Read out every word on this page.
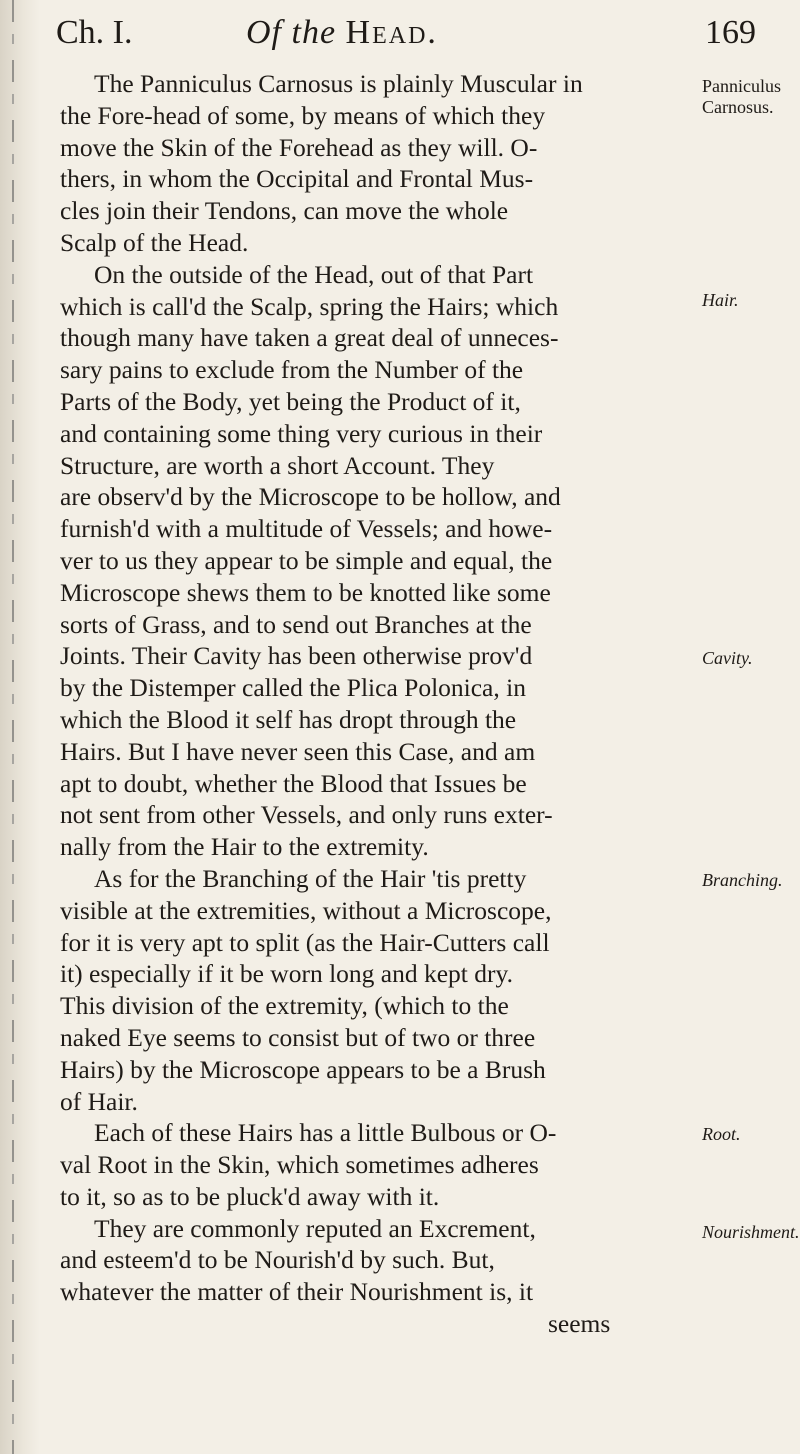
Ch. I.	Of the Head.	169
The Panniculus Carnosus is plainly Muscular in
the Fore-head of some, by means of which they
move the Skin of the Forehead as they will. O-
thers, in whom the Occipital and Frontal Mus-
cles join their Tendons, can move the whole
Scalp of the Head.
On the outside of the Head, out of that Part
which is call'd the Scalp, spring the Hairs; which
though many have taken a great deal of unneces-
sary pains to exclude from the Number of the
Parts of the Body, yet being the Product of it,
and containing some thing very curious in their
Structure, are worth a short Account. They
are observ'd by the Microscope to be hollow, and
furnish'd with a multitude of Vessels; and howe-
ver to us they appear to be simple and equal, the
Microscope shews them to be knotted like some
sorts of Grass, and to send out Branches at the
Joints. Their Cavity has been otherwise prov'd
by the Distemper called the Plica Polonica, in
which the Blood it self has dropt through the
Hairs. But I have never seen this Case, and am
apt to doubt, whether the Blood that Issues be
not sent from other Vessels, and only runs exter-
nally from the Hair to the extremity.
As for the Branching of the Hair 'tis pretty
visible at the extremities, without a Microscope,
for it is very apt to split (as the Hair-Cutters call
it) especially if it be worn long and kept dry.
This division of the extremity, (which to the
naked Eye seems to consist but of two or three
Hairs) by the Microscope appears to be a Brush
of Hair.
Each of these Hairs has a little Bulbous or O-
val Root in the Skin, which sometimes adheres
to it, so as to be pluck'd away with it.
They are commonly reputed an Excrement,
and esteem'd to be Nourish'd by such. But,
whatever the matter of their Nourishment is, it
seems
Panniculus Carnosus.
Hair.
Cavity.
Branching.
Root.
Nourishment.
